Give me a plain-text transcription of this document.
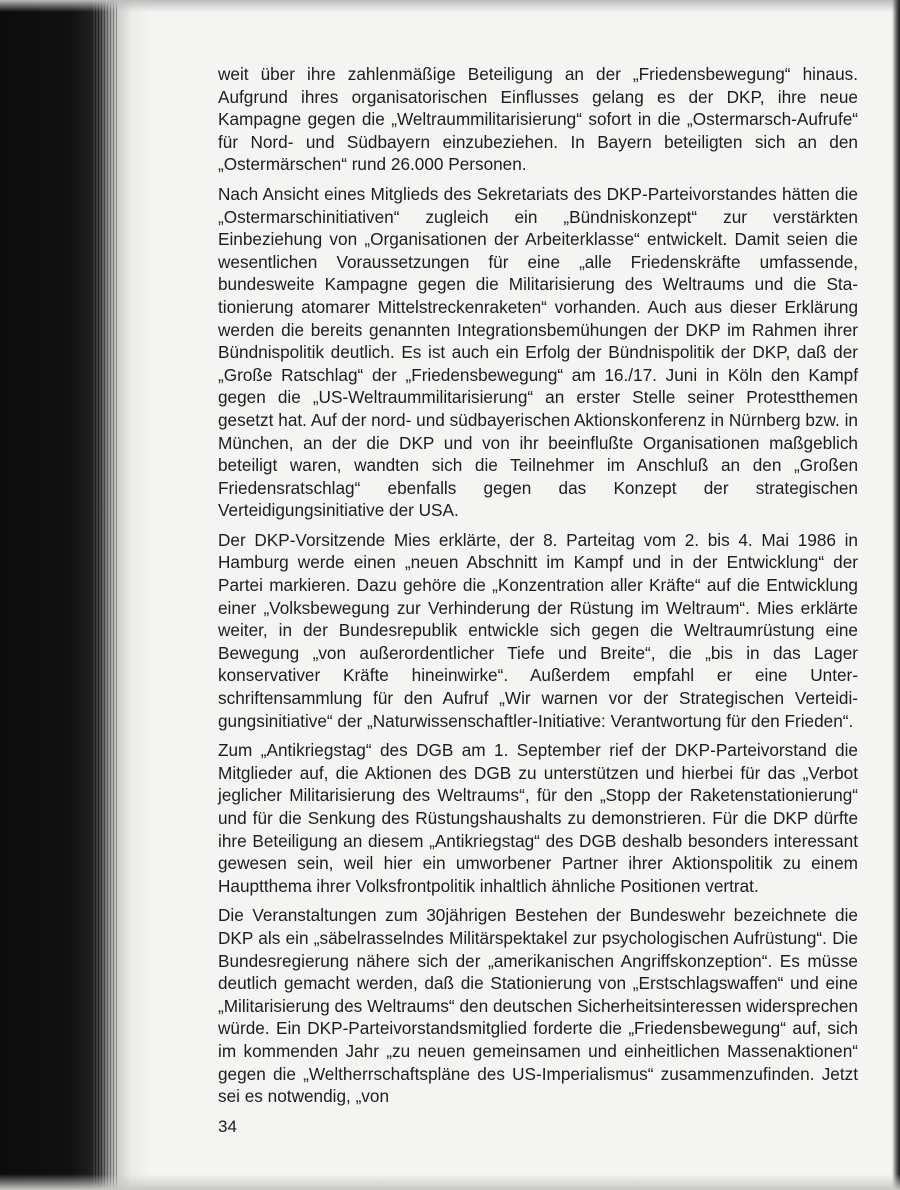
weit über ihre zahlenmäßige Beteiligung an der „Friedensbewegung“ hinaus. Aufgrund ihres organisatorischen Einflusses gelang es der DKP, ihre neue Kampagne gegen die „Weltraummilitarisierung“ sofort in die „Ostermarsch-Aufrufe“ für Nord- und Südbayern einzubeziehen. In Bayern beteiligten sich an den „Ostermärschen“ rund 26.000 Personen.

Nach Ansicht eines Mitglieds des Sekretariats des DKP-Parteivorstandes hätten die „Ostermarschinitiativen“ zugleich ein „Bündniskonzept“ zur verstärkten Einbeziehung von „Organisationen der Arbeiterklasse“ entwickelt. Damit seien die wesentlichen Voraussetzungen für eine „alle Friedenskräfte umfassende, bundesweite Kampagne gegen die Militarisierung des Weltraums und die Stationierung atomarer Mittelstreckenraketen“ vorhanden. Auch aus dieser Erklärung werden die bereits genannten Integrationsbemühungen der DKP im Rahmen ihrer Bündnispolitik deutlich. Es ist auch ein Erfolg der Bündnispolitik der DKP, daß der „Große Ratschlag“ der „Friedensbewegung“ am 16./17. Juni in Köln den Kampf gegen die „US-Weltraummilitarisierung“ an erster Stelle seiner Protestthemen gesetzt hat. Auf der nord- und südbayerischen Aktionskonferenz in Nürnberg bzw. in München, an der die DKP und von ihr beeinflußte Organisationen maßgeblich beteiligt waren, wandten sich die Teilnehmer im Anschluß an den „Großen Friedensratschlag“ ebenfalls gegen das Konzept der strategischen Verteidigungsinitiative der USA.

Der DKP-Vorsitzende Mies erklärte, der 8. Parteitag vom 2. bis 4. Mai 1986 in Hamburg werde einen „neuen Abschnitt im Kampf und in der Entwicklung“ der Partei markieren. Dazu gehöre die „Konzentration aller Kräfte“ auf die Entwicklung einer „Volksbewegung zur Verhinderung der Rüstung im Weltraum“. Mies erklärte weiter, in der Bundesrepublik entwickle sich gegen die Weltraumrüstung eine Bewegung „von außerordentlicher Tiefe und Breite“, die „bis in das Lager konservativer Kräfte hineinwirke“. Außerdem empfahl er eine Unterschriftensammlung für den Aufruf „Wir warnen vor der Strategischen Verteidigungsinitiative“ der „Naturwissenschaftler-Initiative: Verantwortung für den Frieden“.

Zum „Antikriegstag“ des DGB am 1. September rief der DKP-Parteivorstand die Mitglieder auf, die Aktionen des DGB zu unterstützen und hierbei für das „Verbot jeglicher Militarisierung des Weltraums“, für den „Stopp der Raketenstationierung“ und für die Senkung des Rüstungshaushalts zu demonstrieren. Für die DKP dürfte ihre Beteiligung an diesem „Antikriegstag“ des DGB deshalb besonders interessant gewesen sein, weil hier ein umworbener Partner ihrer Aktionspolitik zu einem Hauptthema ihrer Volksfrontpolitik inhaltlich ähnliche Positionen vertrat.

Die Veranstaltungen zum 30jährigen Bestehen der Bundeswehr bezeichnete die DKP als ein „säbelrasselndes Militärspektakel zur psychologischen Aufrüstung“. Die Bundesregierung nähere sich der „amerikanischen Angriffskonzeption“. Es müsse deutlich gemacht werden, daß die Stationierung von „Erstschlagswaffen“ und eine „Militarisierung des Weltraums“ den deutschen Sicherheitsinteressen widersprechen würde. Ein DKP-Parteivorstandsmitglied forderte die „Friedensbewegung“ auf, sich im kommenden Jahr „zu neuen gemeinsamen und einheitlichen Massenaktionen“ gegen die „Weltherrschaftspläne des US-Imperialismus“ zusammenzufinden. Jetzt sei es notwendig, „von

34
